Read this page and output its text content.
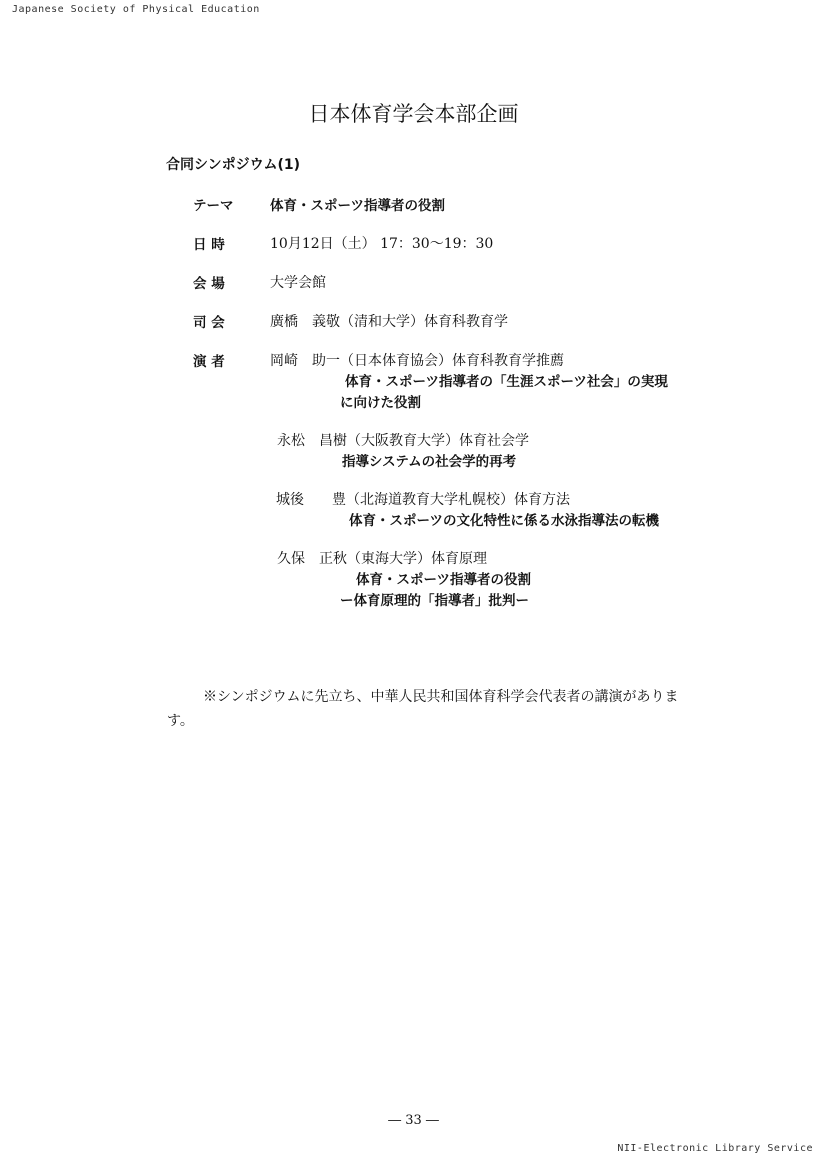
Japanese Society of Physical Education
日本体育学会本部企画
合同シンポジウム(1)
テーマ	体育・スポーツ指導者の役割
日 時	10月12日（土） 17：30〜19：30
会 場	大学会館
司 会	廣橋　義敬（清和大学）体育科教育学
演 者	岡崎　助一（日本体育協会）体育科教育学推薦
体育・スポーツ指導者の「生涯スポーツ社会」の実現
に向けた役割
永松　昌樹（大阪教育大学）体育社会学
指導システムの社会学的再考
城後　　豊（北海道教育大学札幌校）体育方法
体育・スポーツの文化特性に係る水泳指導法の転機
久保　正秋（東海大学）体育原理
体育・スポーツ指導者の役割
ー体育原理的「指導者」批判ー
※シンポジウムに先立ち、中華人民共和国体育科学会代表者の講演がありま
す。
― 33 ―
NII-Electronic Library Service
